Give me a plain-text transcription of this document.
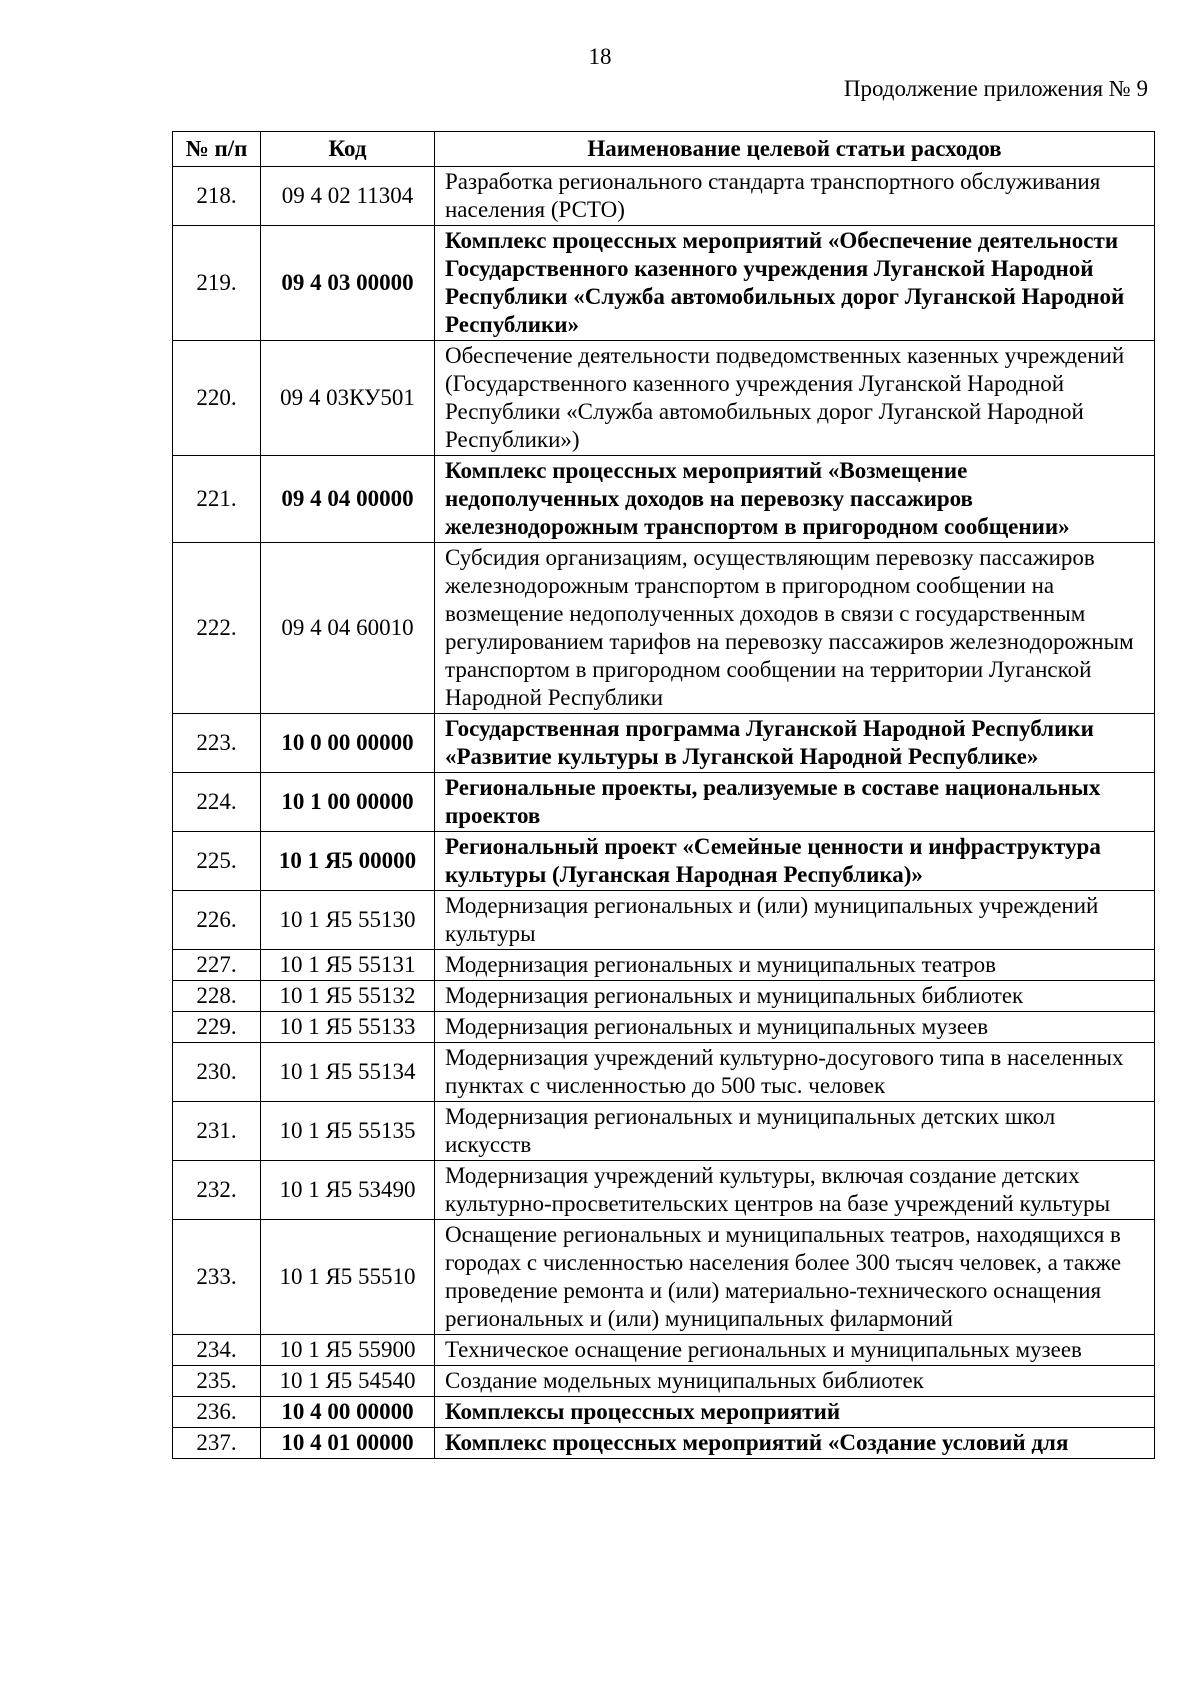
18
Продолжение приложения № 9
№ п/п	Код	Наименование целевой статьи расходов
218.	09 4 02 11304	Разработка регионального стандарта транспортного обслуживания населения (РСТО)
219.	09 4 03 00000	Комплекс процессных мероприятий «Обеспечение деятельности Государственного казенного учреждения Луганской Народной Республики «Служба автомобильных дорог Луганской Народной Республики»
220.	09 4 03КУ501	Обеспечение деятельности подведомственных казенных учреждений (Государственного казенного учреждения Луганской Народной Республики «Служба автомобильных дорог Луганской Народной Республики»)
221.	09 4 04 00000	Комплекс процессных мероприятий «Возмещение недополученных доходов на перевозку пассажиров железнодорожным транспортом в пригородном сообщении»
222.	09 4 04 60010	Субсидия организациям, осуществляющим перевозку пассажиров железнодорожным транспортом в пригородном сообщении на возмещение недополученных доходов в связи с государственным регулированием тарифов на перевозку пассажиров железнодорожным транспортом в пригородном сообщении на территории Луганской Народной Республики
223.	10 0 00 00000	Государственная программа Луганской Народной Республики «Развитие культуры в Луганской Народной Республике»
224.	10 1 00 00000	Региональные проекты, реализуемые в составе национальных проектов
225.	10 1 Я5 00000	Региональный проект «Семейные ценности и инфраструктура культуры (Луганская Народная Республика)»
226.	10 1 Я5 55130	Модернизация региональных и (или) муниципальных учреждений культуры
227.	10 1 Я5 55131	Модернизация региональных и муниципальных театров
228.	10 1 Я5 55132	Модернизация региональных и муниципальных библиотек
229.	10 1 Я5 55133	Модернизация региональных и муниципальных музеев
230.	10 1 Я5 55134	Модернизация учреждений культурно-досугового типа в населенных пунктах с численностью до 500 тыс. человек
231.	10 1 Я5 55135	Модернизация региональных и муниципальных детских школ искусств
232.	10 1 Я5 53490	Модернизация учреждений культуры, включая создание детских культурно-просветительских центров на базе учреждений культуры
233.	10 1 Я5 55510	Оснащение региональных и муниципальных театров, находящихся в городах с численностью населения более 300 тысяч человек, а также проведение ремонта и (или) материально-технического оснащения региональных и (или) муниципальных филармоний
234.	10 1 Я5 55900	Техническое оснащение региональных и муниципальных музеев
235.	10 1 Я5 54540	Создание модельных муниципальных библиотек
236.	10 4 00 00000	Комплексы процессных мероприятий
237.	10 4 01 00000	Комплекс процессных мероприятий «Создание условий для
